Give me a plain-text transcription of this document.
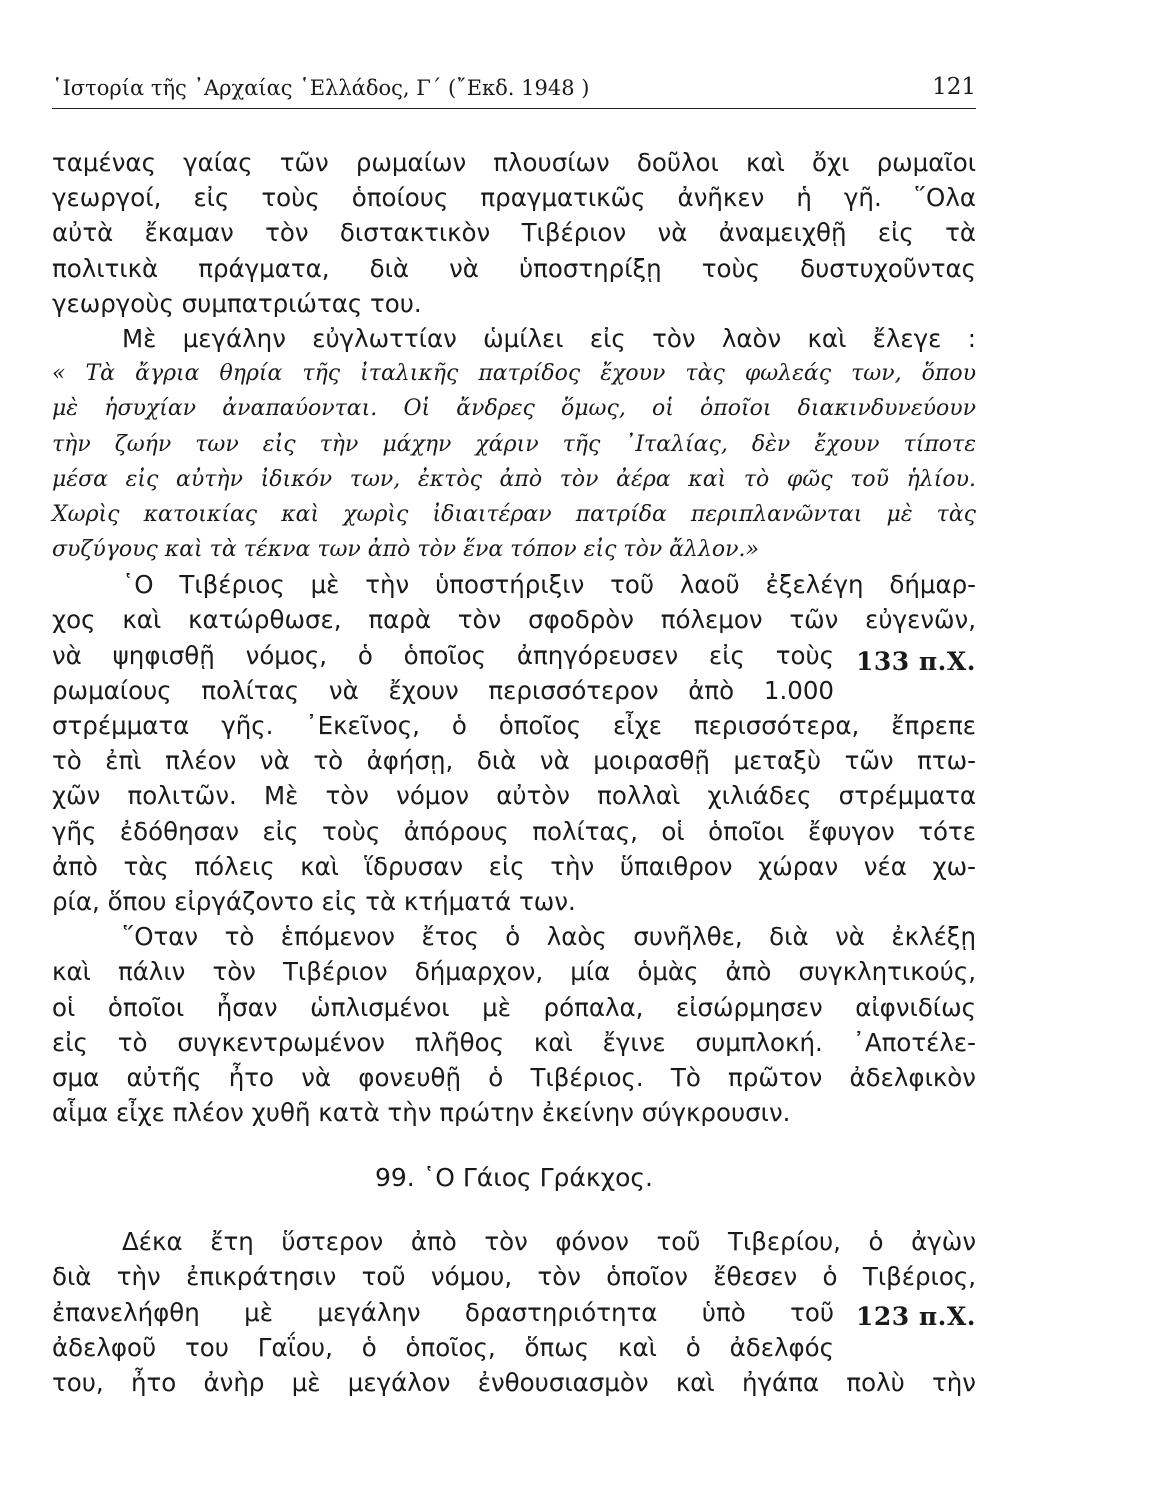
῾Ιστορία τῆς ᾽Αρχαίας ῾Ελλάδος, Γ΄ (῎Εκδ. 1948 )	121
ταμένας γαίας τῶν ρωμαίων πλουσίων δοῦλοι καὶ ὄχι ρωμαῖοι
γεωργοί, εἰς τοὺς ὁποίους πραγματικῶς ἀνῆκεν ἡ γῆ. ῞Ολα
αὐτὰ ἔκαμαν τὸν διστακτικὸν Τιβέριον νὰ ἀναμειχθῇ εἰς τὰ
πολιτικὰ πράγματα, διὰ νὰ ὑποστηρίξῃ τοὺς δυστυχοῦντας
γεωργοὺς συμπατριώτας του.
Μὲ μεγάλην εὐγλωττίαν ὡμίλει εἰς τὸν λαὸν καὶ ἔλεγε :
« Τὰ ἄγρια θηρία τῆς ἰταλικῆς πατρίδος ἔχουν τὰς φωλεάς των, ὅπου
μὲ ἡσυχίαν ἀναπαύονται. Οἱ ἄνδρες ὅμως, οἱ ὁποῖοι διακινδυνεύουν
τὴν ζωήν των εἰς τὴν μάχην χάριν τῆς ᾽Ιταλίας, δὲν ἔχουν τίποτε
μέσα εἰς αὐτὴν ἰδικόν των, ἐκτὸς ἀπὸ τὸν ἀέρα καὶ τὸ φῶς τοῦ ἡλίου.
Χωρὶς κατοικίας καὶ χωρὶς ἰδιαιτέραν πατρίδα περιπλανῶνται μὲ τὰς
συζύγους καὶ τὰ τέκνα των ἀπὸ τὸν ἕνα τόπον εἰς τὸν ἄλλον.»
῾Ο Τιβέριος μὲ τὴν ὑποστήριξιν τοῦ λαοῦ ἐξελέγη δήμαρ-
χος καὶ κατώρθωσε, παρὰ τὸν σφοδρὸν πόλεμον τῶν εὐγενῶν,
νὰ ψηφισθῇ νόμος, ὁ ὁποῖος ἀπηγόρευσεν εἰς τοὺς
ρωμαίους πολίτας νὰ ἔχουν περισσότερον ἀπὸ 1.000
στρέμματα γῆς. ᾽Εκεῖνος, ὁ ὁποῖος εἶχε περισσότερα, ἔπρεπε
τὸ ἐπὶ πλέον νὰ τὸ ἀφήσῃ, διὰ νὰ μοιρασθῇ μεταξὺ τῶν πτω-
χῶν πολιτῶν. Μὲ τὸν νόμον αὐτὸν πολλαὶ χιλιάδες στρέμματα
γῆς ἐδόθησαν εἰς τοὺς ἀπόρους πολίτας, οἱ ὁποῖοι ἔφυγον τότε
ἀπὸ τὰς πόλεις καὶ ἵδρυσαν εἰς τὴν ὕπαιθρον χώραν νέα χω-
ρία, ὅπου εἰργάζοντο εἰς τὰ κτήματά των.
133 π.Χ.
῞Οταν τὸ ἑπόμενον ἔτος ὁ λαὸς συνῆλθε, διὰ νὰ ἐκλέξῃ
καὶ πάλιν τὸν Τιβέριον δήμαρχον, μία ὁμὰς ἀπὸ συγκλητικούς,
οἱ ὁποῖοι ἦσαν ὡπλισμένοι μὲ ρόπαλα, εἰσώρμησεν αἰφνιδίως
εἰς τὸ συγκεντρωμένον πλῆθος καὶ ἔγινε συμπλοκή. ᾽Αποτέλε-
σμα αὐτῆς ἦτο νὰ φονευθῇ ὁ Τιβέριος. Τὸ πρῶτον ἀδελφικὸν
αἷμα εἶχε πλέον χυθῆ κατὰ τὴν πρώτην ἐκείνην σύγκρουσιν.
99. ῾Ο Γάιος Γράκχος.
Δέκα ἔτη ὕστερον ἀπὸ τὸν φόνον τοῦ Τιβερίου, ὁ ἀγὼν
διὰ τὴν ἐπικράτησιν τοῦ νόμου, τὸν ὁποῖον ἔθεσεν ὁ Τιβέριος,
ἐπανελήφθη μὲ μεγάλην δραστηριότητα ὑπὸ τοῦ
ἀδελφοῦ του Γαΐου, ὁ ὁποῖος, ὅπως καὶ ὁ ἀδελφός
του, ἦτο ἀνὴρ μὲ μεγάλον ἐνθουσιασμὸν καὶ ἠγάπα πολὺ τὴν
123 π.Χ.
